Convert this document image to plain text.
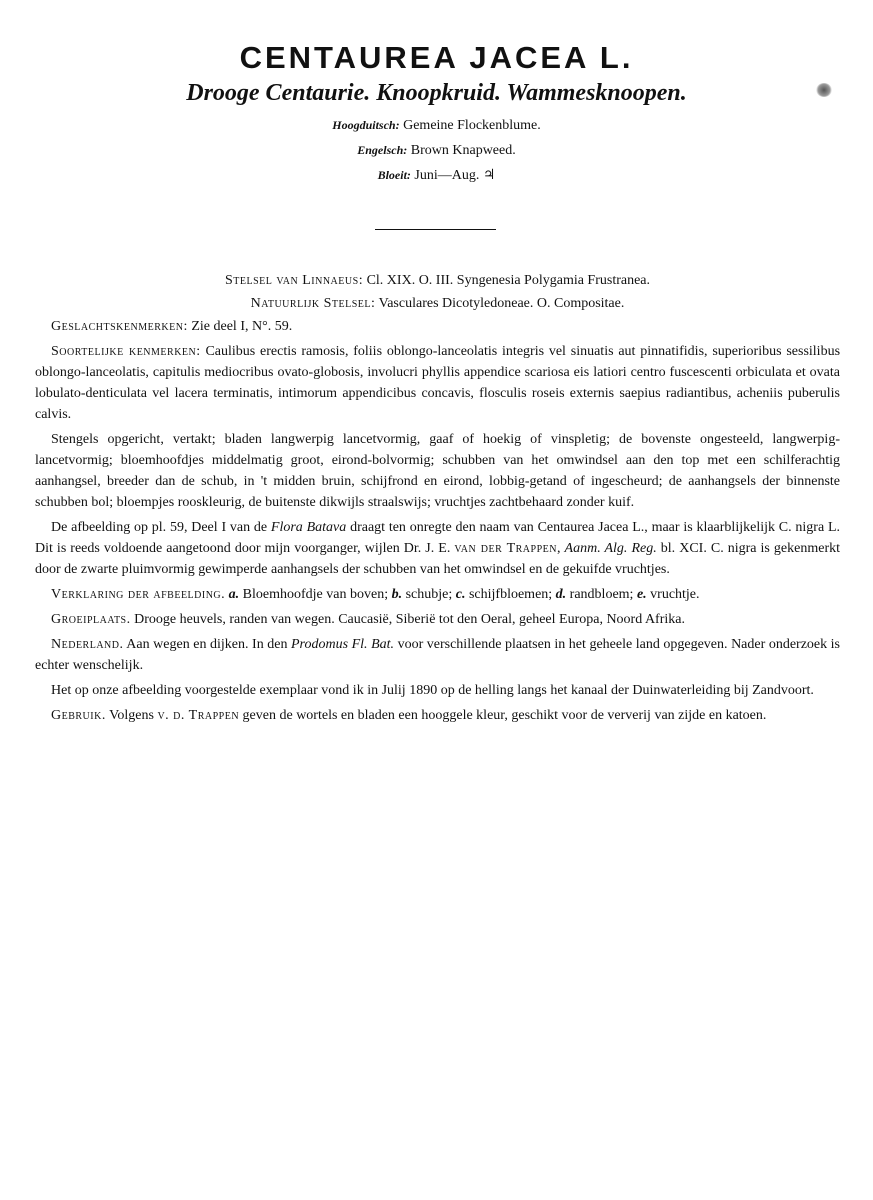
CENTAUREA JACEA L.
Drooge Centaurie. Knoopkruid. Wammesknoopen.
Hoogduitsch: Gemeine Flockenblume.
Engelsch: Brown Knapweed.
Bloeit: Juni—Aug. ♃

Stelsel van Linnaeus: Cl. XIX. O. III. Syngenesia Polygamia Frustranea.

Natuurlijk Stelsel: Vasculares Dicotyledoneae. O. Compositae.

Geslachtskenmerken: Zie deel I, N°. 59.

Soortelijke kenmerken: Caulibus erectis ramosis, foliis oblongo-lanceolatis integris vel sinuatis aut pinnatifidis, superioribus sessilibus oblongo-lanceolatis, capitulis mediocribus ovato-globosis, involucri phyllis appendice scariosa eis latiori centro fuscescenti orbiculata et ovata lobulato-denticulata vel lacera terminatis, intimorum appendicibus concavis, flosculis roseis externis saepius radiantibus, acheniis puberulis calvis.

Stengels opgericht, vertakt; bladen langwerpig lancetvormig, gaaf of hoekig of vinspletig; de bovenste ongesteeld, langwerpig-lancetvormig; bloemhoofdjes middelmatig groot, eirond-bolvormig; schubben van het omwindsel aan den top met een schilferachtig aanhangsel, breeder dan de schub, in 't midden bruin, schijfrond en eirond, lobbig-getand of ingescheurd; de aanhangsels der binnenste schubben bol; bloempjes rooskleurig, de buitenste dikwijls straalswijs; vruchtjes zachtbehaard zonder kuif.

De afbeelding op pl. 59, Deel I van de Flora Batava draagt ten onregte den naam van Centaurea Jacea L., maar is klaarblijkelijk C. nigra L. Dit is reeds voldoende aangetoond door mijn voorganger, wijlen Dr. J. E. van der Trappen, Aanm. Alg. Reg. bl. XCI. C. nigra is gekenmerkt door de zwarte pluimvormig gewimperde aanhangsels der schubben van het omwindsel en de gekuifde vruchtjes.

Verklaring der afbeelding. a. Bloemhoofdje van boven; b. schubje; c. schijfbloemen; d. randbloem; e. vruchtje.

Groeiplaats. Drooge heuvels, randen van wegen. Caucasië, Siberië tot den Oeral, geheel Europa, Noord Afrika.

Nederland. Aan wegen en dijken. In den Prodomus Fl. Bat. voor verschillende plaatsen in het geheele land opgegeven. Nader onderzoek is echter wenschelijk.

Het op onze afbeelding voorgestelde exemplaar vond ik in Julij 1890 op de helling langs het kanaal der Duinwaterleiding bij Zandvoort.

Gebruik. Volgens v. d. Trappen geven de wortels en bladen een hooggele kleur, geschikt voor de ververij van zijde en katoen.
